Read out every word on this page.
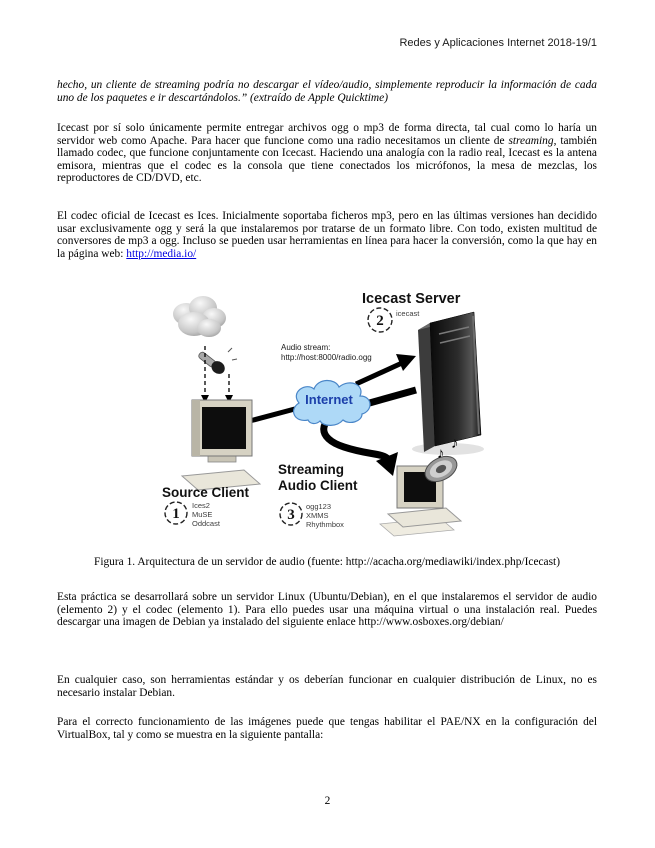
Redes y Aplicaciones Internet 2018-19/1

hecho, un cliente de streaming podría no descargar el vídeo/audio, simplemente reproducir la información de cada uno de los paquetes e ir descartándolos.” (extraído de Apple Quicktime)

Icecast por sí solo únicamente permite entregar archivos ogg o mp3 de forma directa, tal cual como lo haría un servidor web como Apache. Para hacer que funcione como una radio necesitamos un cliente de streaming, también llamado codec, que funcione conjuntamente con Icecast. Haciendo una analogía con la radio real, Icecast es la antena emisora, mientras que el codec es la consola que tiene conectados los micrófonos, la mesa de mezclas, los reproductores de CD/DVD, etc.

El codec oficial de Icecast es Ices. Inicialmente soportaba ficheros mp3, pero en las últimas versiones han decidido usar exclusivamente ogg y será la que instalaremos por tratarse de un formato libre. Con todo, existen multitud de conversores de mp3 a ogg. Incluso se pueden usar herramientas en línea para hacer la conversión, como la que hay en la página web: http://media.io/

Internet
Audio stream:
http://host:8000/radio.ogg
Icecast Server
2 icecast
♪
♪
Source Client
1
Ices2
MuSE
Oddcast
Streaming
Audio Client
3
ogg123
XMMS
Rhythmbox
Figura 1. Arquitectura de un servidor de audio (fuente: http://acacha.org/mediawiki/index.php/Icecast)

Esta práctica se desarrollará sobre un servidor Linux (Ubuntu/Debian), en el que instalaremos el servidor de audio (elemento 2) y el codec (elemento 1). Para ello puedes usar una máquina virtual o una instalación real. Puedes descargar una imagen de Debian ya instalado del siguiente enlace http://www.osboxes.org/debian/

En cualquier caso, son herramientas estándar y os deberían funcionar en cualquier distribución de Linux, no es necesario instalar Debian.

Para el correcto funcionamiento de las imágenes puede que tengas habilitar el PAE/NX en la configuración del VirtualBox, tal y como se muestra en la siguiente pantalla:

2
